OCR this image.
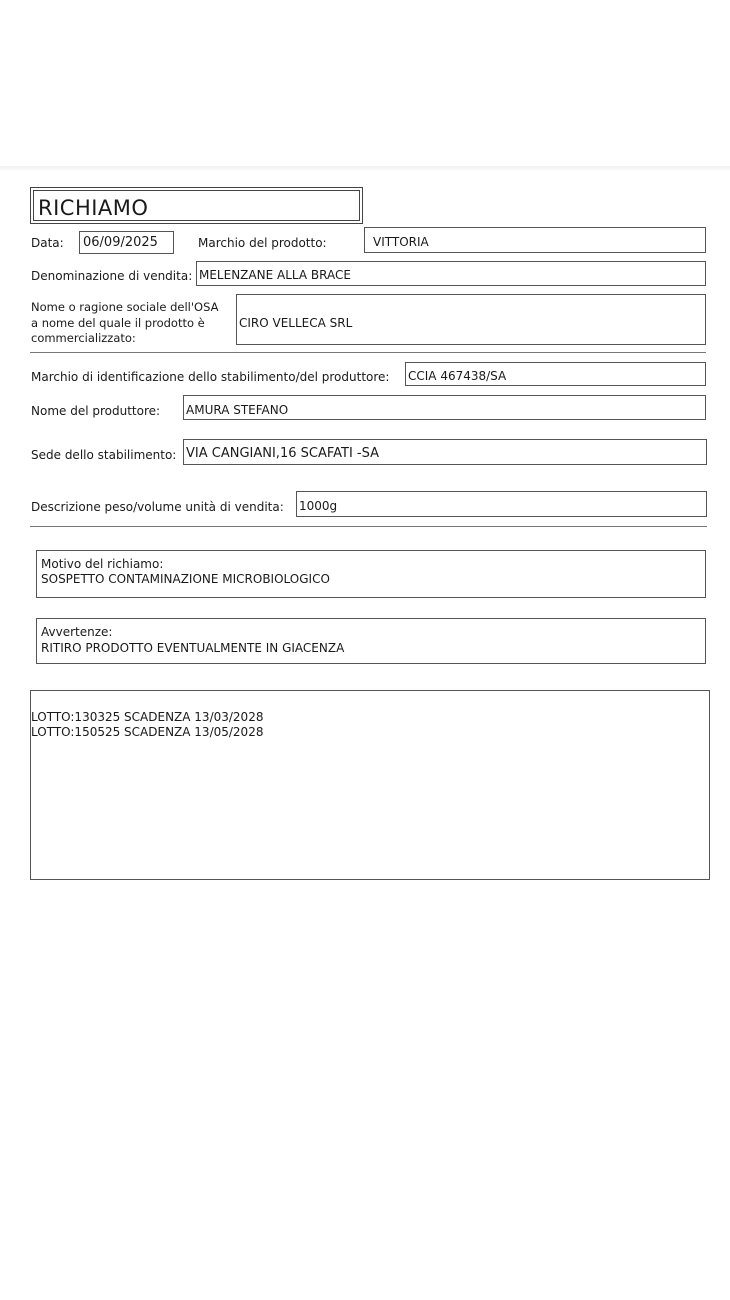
RICHIAMO
Data: 06/09/2025	Marchio del prodotto:	VITTORIA
Denominazione di vendita: MELENZANE ALLA BRACE
Nome o ragione sociale dell'OSA
a nome del quale il prodotto è
commercializzato:
CIRO VELLECA SRL
Marchio di identificazione dello stabilimento/del produttore: CCIA 467438/SA
Nome del produttore: AMURA STEFANO
Sede dello stabilimento: VIA CANGIANI,16 SCAFATI -SA
Descrizione peso/volume unità di vendita: 1000g
Motivo del richiamo:
SOSPETTO CONTAMINAZIONE MICROBIOLOGICO
Avvertenze:
RITIRO PRODOTTO EVENTUALMENTE IN GIACENZA
LOTTO:130325 SCADENZA 13/03/2028
LOTTO:150525 SCADENZA 13/05/2028
